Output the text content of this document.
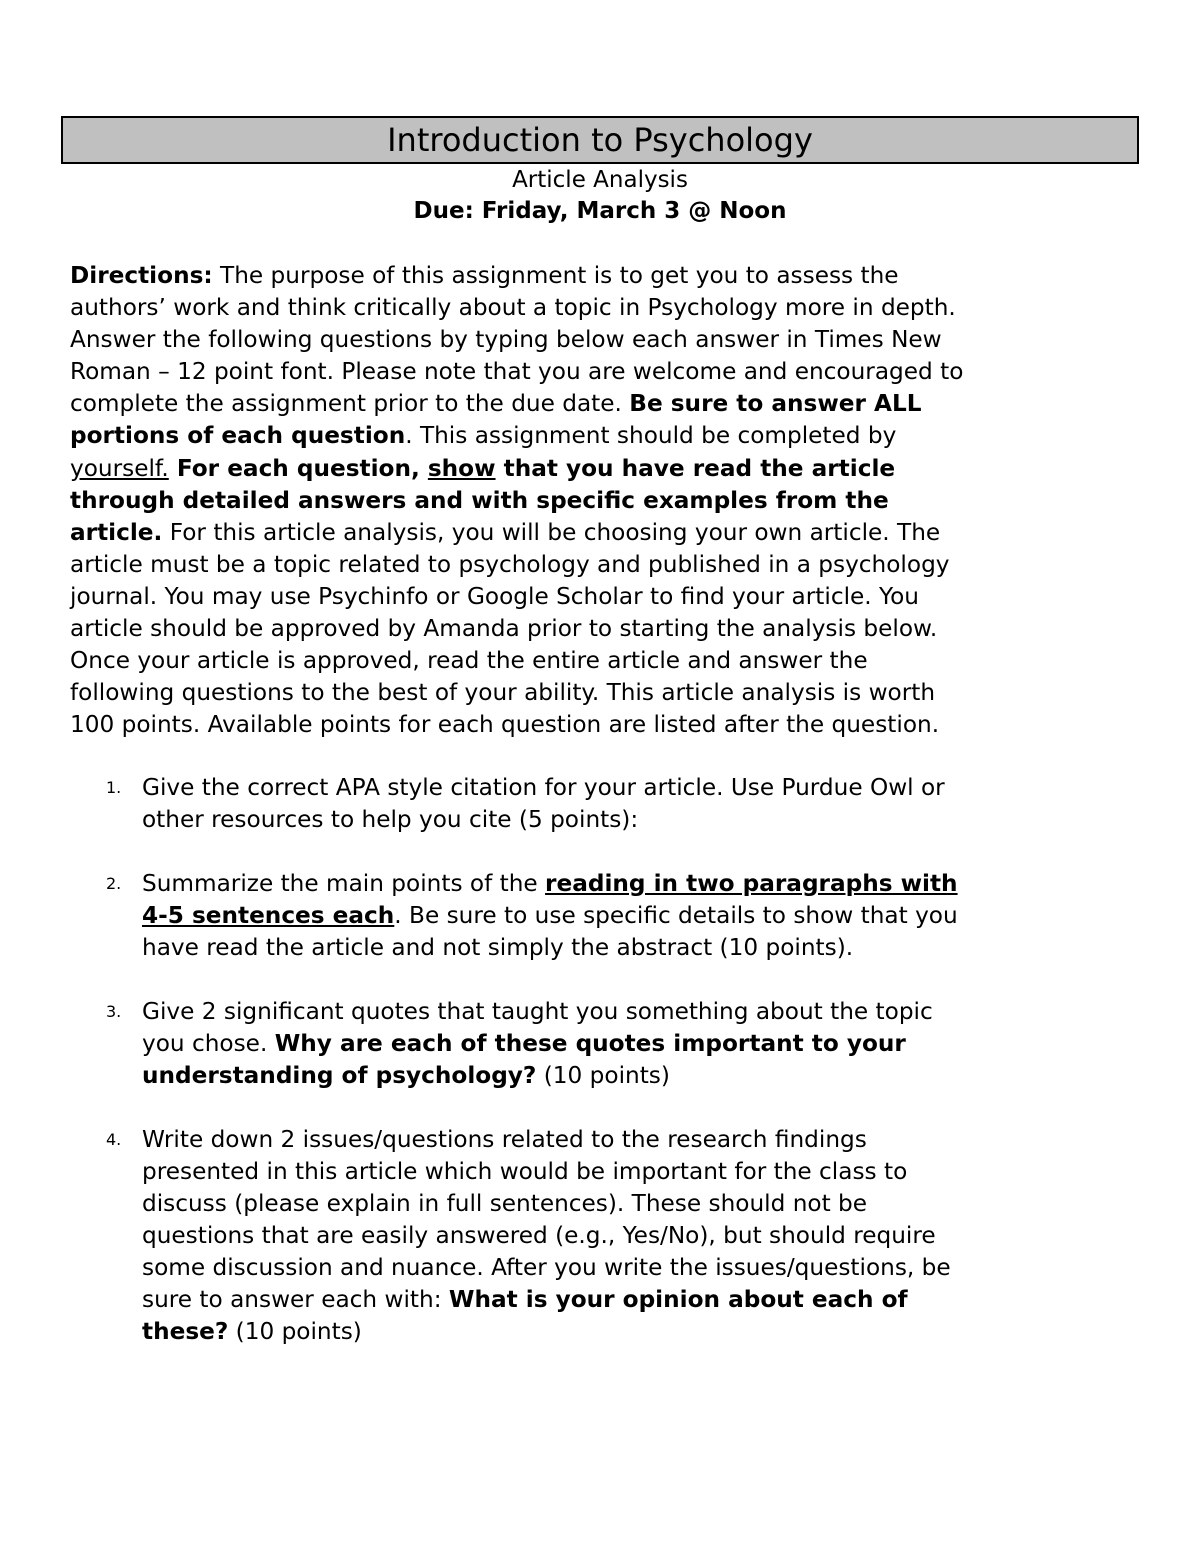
Introduction to Psychology
Article Analysis
Due: Friday, March 3 @ Noon
Directions: The purpose of this assignment is to get you to assess the
authors’ work and think critically about a topic in Psychology more in depth.
Answer the following questions by typing below each answer in Times New
Roman – 12 point font. Please note that you are welcome and encouraged to
complete the assignment prior to the due date. Be sure to answer ALL
portions of each question. This assignment should be completed by
yourself. For each question, show that you have read the article
through detailed answers and with specific examples from the
article. For this article analysis, you will be choosing your own article. The
article must be a topic related to psychology and published in a psychology
journal. You may use Psychinfo or Google Scholar to find your article. You
article should be approved by Amanda prior to starting the analysis below.
Once your article is approved, read the entire article and answer the
following questions to the best of your ability. This article analysis is worth
100 points. Available points for each question are listed after the question.
1. Give the correct APA style citation for your article. Use Purdue Owl or
other resources to help you cite (5 points):
2. Summarize the main points of the reading in two paragraphs with
4-5 sentences each. Be sure to use specific details to show that you
have read the article and not simply the abstract (10 points).
3. Give 2 significant quotes that taught you something about the topic
you chose. Why are each of these quotes important to your
understanding of psychology? (10 points)
4. Write down 2 issues/questions related to the research findings
presented in this article which would be important for the class to
discuss (please explain in full sentences). These should not be
questions that are easily answered (e.g., Yes/No), but should require
some discussion and nuance. After you write the issues/questions, be
sure to answer each with: What is your opinion about each of
these? (10 points)
